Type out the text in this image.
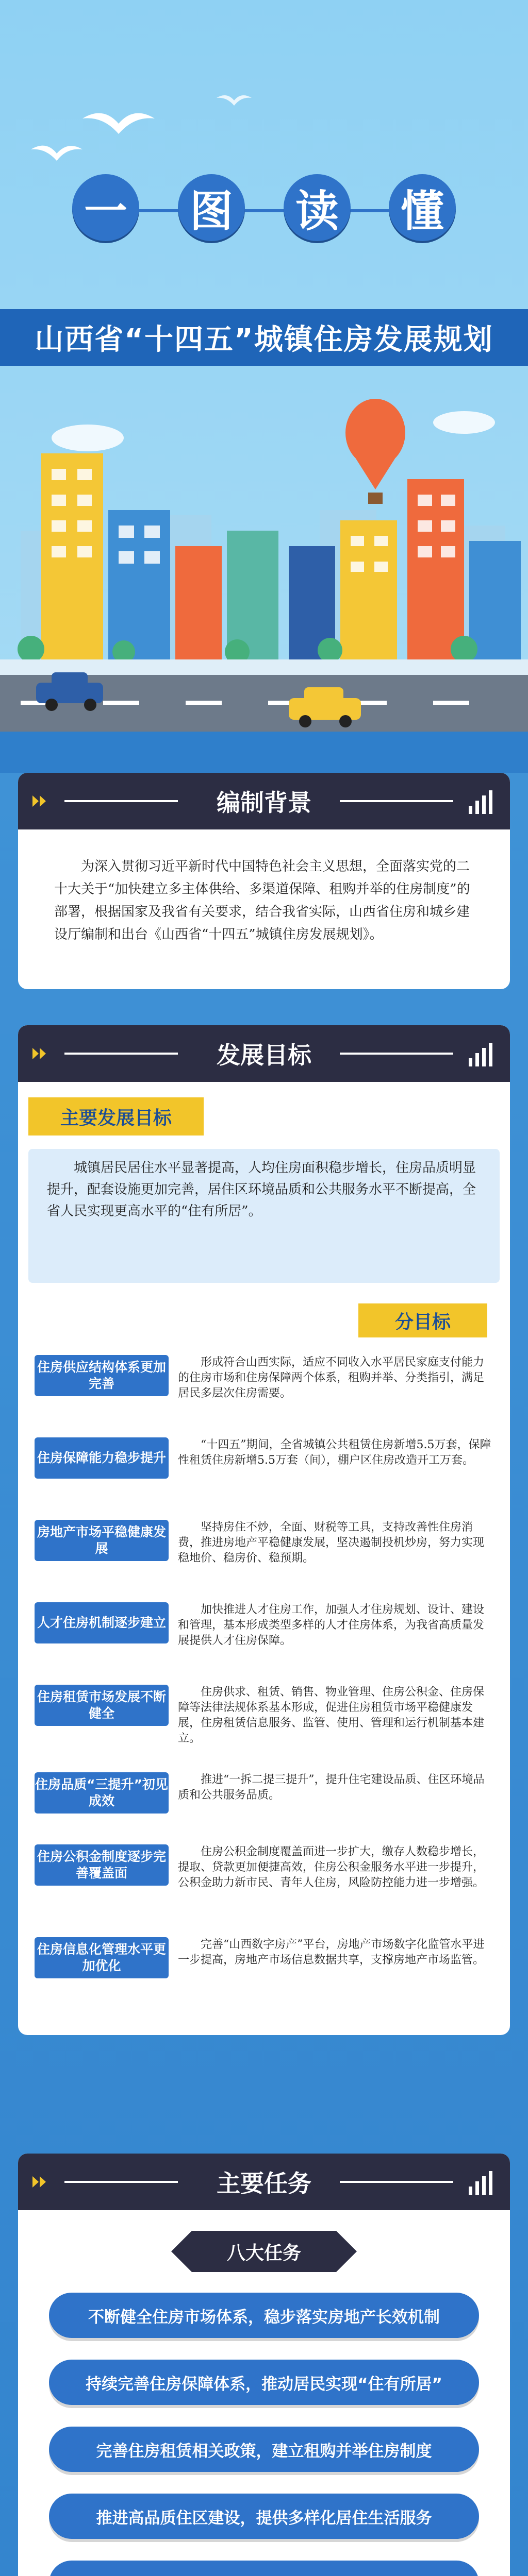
一 图 读 懂
山西省“十四五”城镇住房发展规划
编制背景
为深入贯彻习近平新时代中国特色社会主义思想，全面落实党的二十大关于“加快建立多主体供给、多渠道保障、租购并举的住房制度”的部署，根据国家及我省有关要求，结合我省实际，山西省住房和城乡建设厅编制和出台《山西省“十四五”城镇住房发展规划》。
发展目标
主要发展目标
城镇居民居住水平显著提高，人均住房面积稳步增长，住房品质明显提升，配套设施更加完善，居住区环境品质和公共服务水平不断提高，全省人民实现更高水平的“住有所居”。
分目标
住房供应结构体系更加完善
形成符合山西实际，适应不同收入水平居民家庭支付能力的住房市场和住房保障两个体系，租购并举、分类指引，满足居民多层次住房需要。
住房保障能力稳步提升
“十四五”期间，全省城镇公共租赁住房新增5.5万套，保障性租赁住房新增5.5万套（间），棚户区住房改造开工万套。
房地产市场平稳健康发展
坚持房住不炒，全面、财税等工具，支持改善性住房消费，推进房地产平稳健康发展，坚决遏制投机炒房，努力实现稳地价、稳房价、稳预期。
人才住房机制逐步建立
加快推进人才住房工作，加强人才住房规划、设计、建设和管理，基本形成类型多样的人才住房体系，为我省高质量发展提供人才住房保障。
住房租赁市场发展不断健全
住房供求、租赁、销售、物业管理、住房公积金、住房保障等法律法规体系基本形成，促进住房租赁市场平稳健康发展，住房租赁信息服务、监管、使用、管理和运行机制基本建立。
住房品质“三提升”初见成效
推进“一拆二提三提升”，提升住宅建设品质、住区环境品质和公共服务品质。
住房公积金制度逐步完善覆盖面
住房公积金制度覆盖面进一步扩大，缴存人数稳步增长，提取、贷款更加便捷高效，住房公积金服务水平进一步提升，公积金助力新市民、青年人住房，风险防控能力进一步增强。
住房信息化管理水平更加优化
完善“山西数字房产”平台，房地产市场数字化监管水平进一步提高，房地产市场信息数据共享，支撑房地产市场监管。
主要任务
八大任务
不断健全住房市场体系，稳步落实房地产长效机制
持续完善住房保障体系，推动居民实现“住有所居”
完善住房租赁相关政策，建立租购并举住房制度
推进高品质住区建设，提供多样化居住生活服务
